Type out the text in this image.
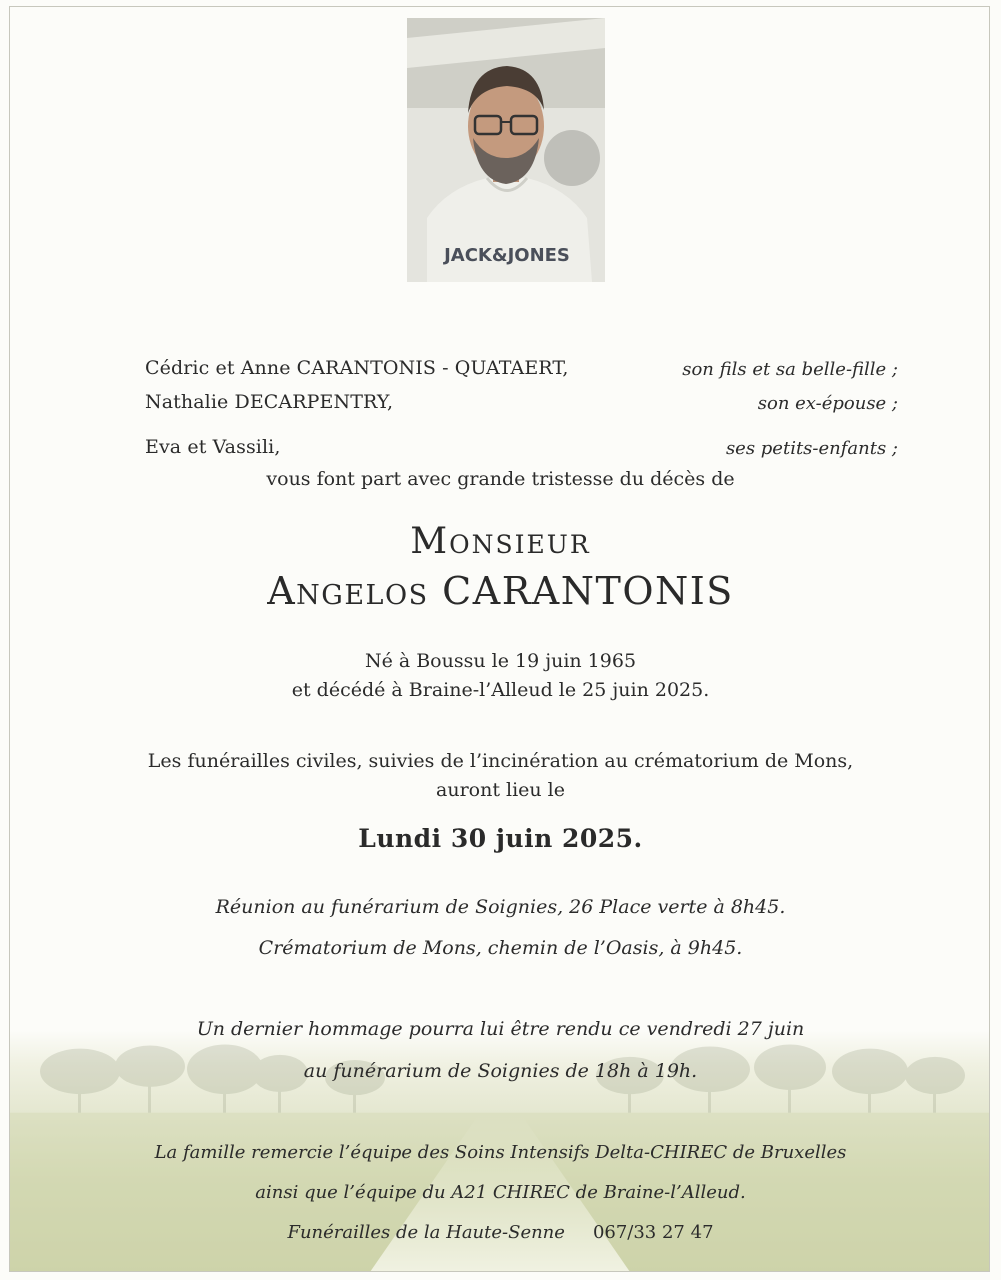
JACK&JONES
Cédric et Anne CARANTONIS - QUATAERT,	son fils et sa belle-fille ;
Nathalie DECARPENTRY,	son ex-épouse ;
Eva et Vassili,	ses petits-enfants ;
vous font part avec grande tristesse du décès de
Monsieur
Angelos CARANTONIS
Né à Boussu le 19 juin 1965
et décédé à Braine-l’Alleud le 25 juin 2025.
Les funérailles civiles, suivies de l’incinération au crématorium de Mons,
auront lieu le
Lundi 30 juin 2025.
Réunion au funérarium de Soignies, 26 Place verte à 8h45.
Crématorium de Mons, chemin de l’Oasis, à 9h45.
Un dernier hommage pourra lui être rendu ce vendredi 27 juin
au funérarium de Soignies de 18h à 19h.
La famille remercie l’équipe des Soins Intensifs Delta-CHIREC de Bruxelles
ainsi que l’équipe du A21 CHIREC de Braine-l’Alleud.
Funérailles de la Haute-Senne 067/33 27 47
